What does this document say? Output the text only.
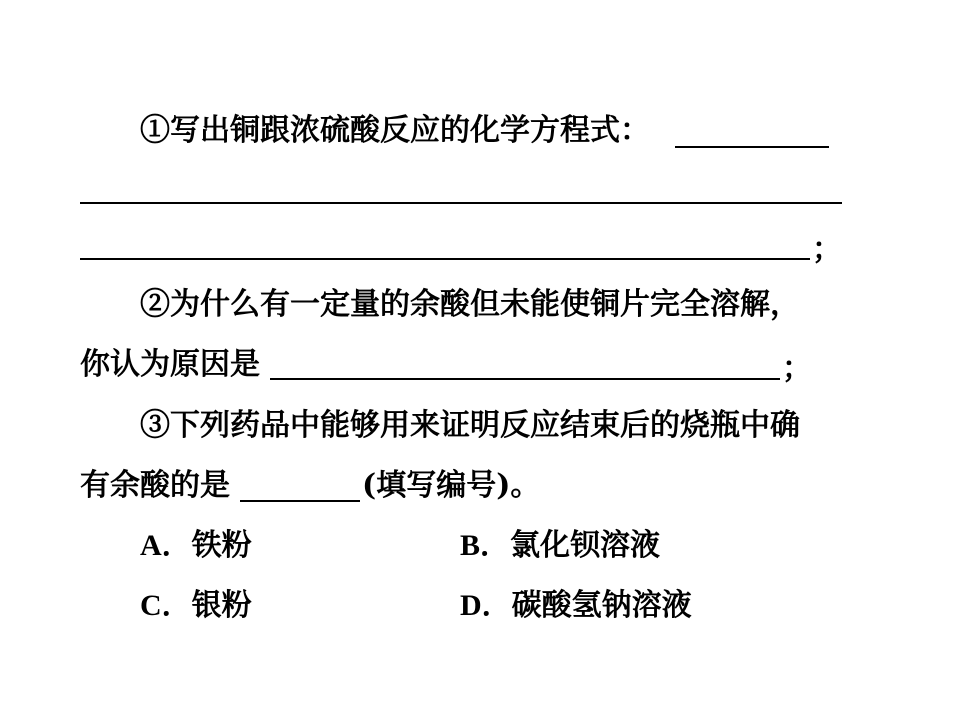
①写出铜跟浓硫酸反应的化学方程式：
；
②为什么有一定量的余酸但未能使铜片完全溶解，
你认为原因是	；
③下列药品中能够用来证明反应结束后的烧瓶中确
有余酸的是	(填写编号)。
A．铁粉	B．氯化钡溶液
C．银粉	D．碳酸氢钠溶液
